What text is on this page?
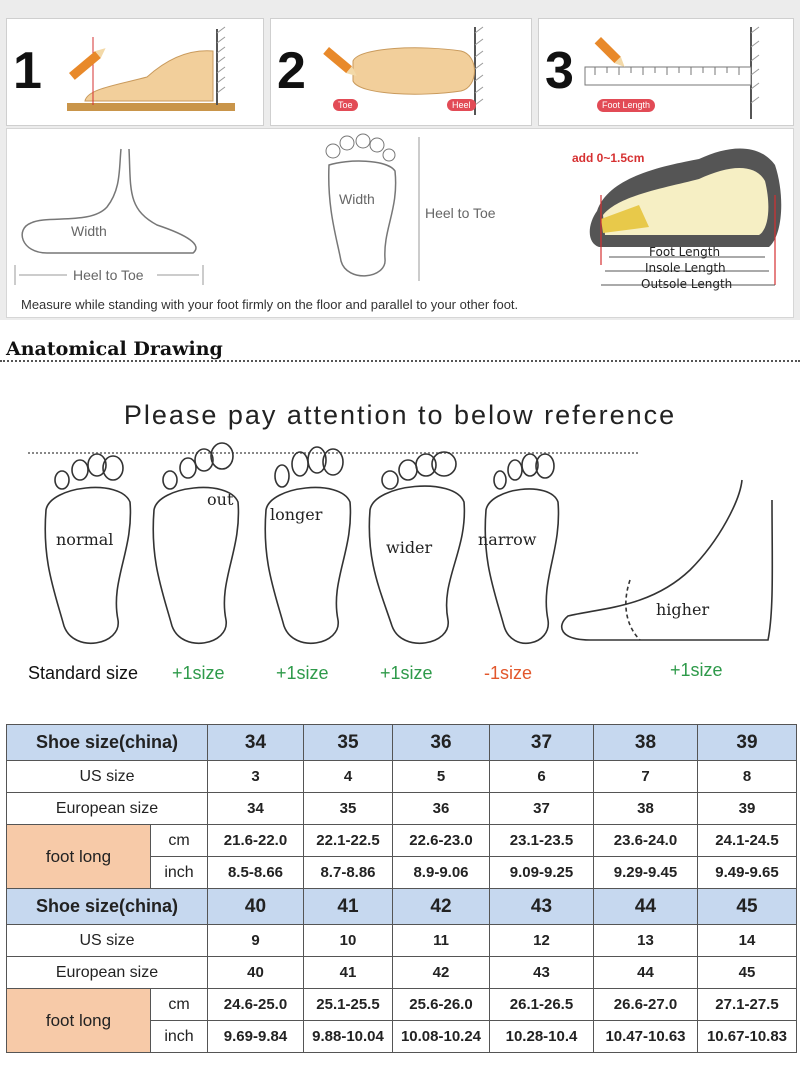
1	2
Toe	Heel
3
Foot Length
Width
Heel to Toe
Width
Heel to Toe
add 0~1.5cm
Foot Length
Insole Length
Outsole Length
Measure while standing with your foot firmly on the floor and parallel to your other foot.
Anatomical Drawing
Please pay attention to below reference
normal
out
longer
wider	narrow
higher
Standard size +1size	+1size	+1size	-1size	+1size
Shoe size(china)		34	35	36	37	38	39
US size		3	4	5	6	7	8
European size		34	35	36	37	38	39
foot long	cm	21.6-22.0	22.1-22.5	22.6-23.0	23.1-23.5	23.6-24.0	24.1-24.5
	inch	8.5-8.66	8.7-8.86	8.9-9.06	9.09-9.25	9.29-9.45	9.49-9.65
Shoe size(china)		40	41	42	43	44	45
US size		9	10	11	12	13	14
European size		40	41	42	43	44	45
foot long	cm	24.6-25.0	25.1-25.5	25.6-26.0	26.1-26.5	26.6-27.0	27.1-27.5
	inch	9.69-9.84	9.88-10.04	10.08-10.24	10.28-10.4	10.47-10.63	10.67-10.83
